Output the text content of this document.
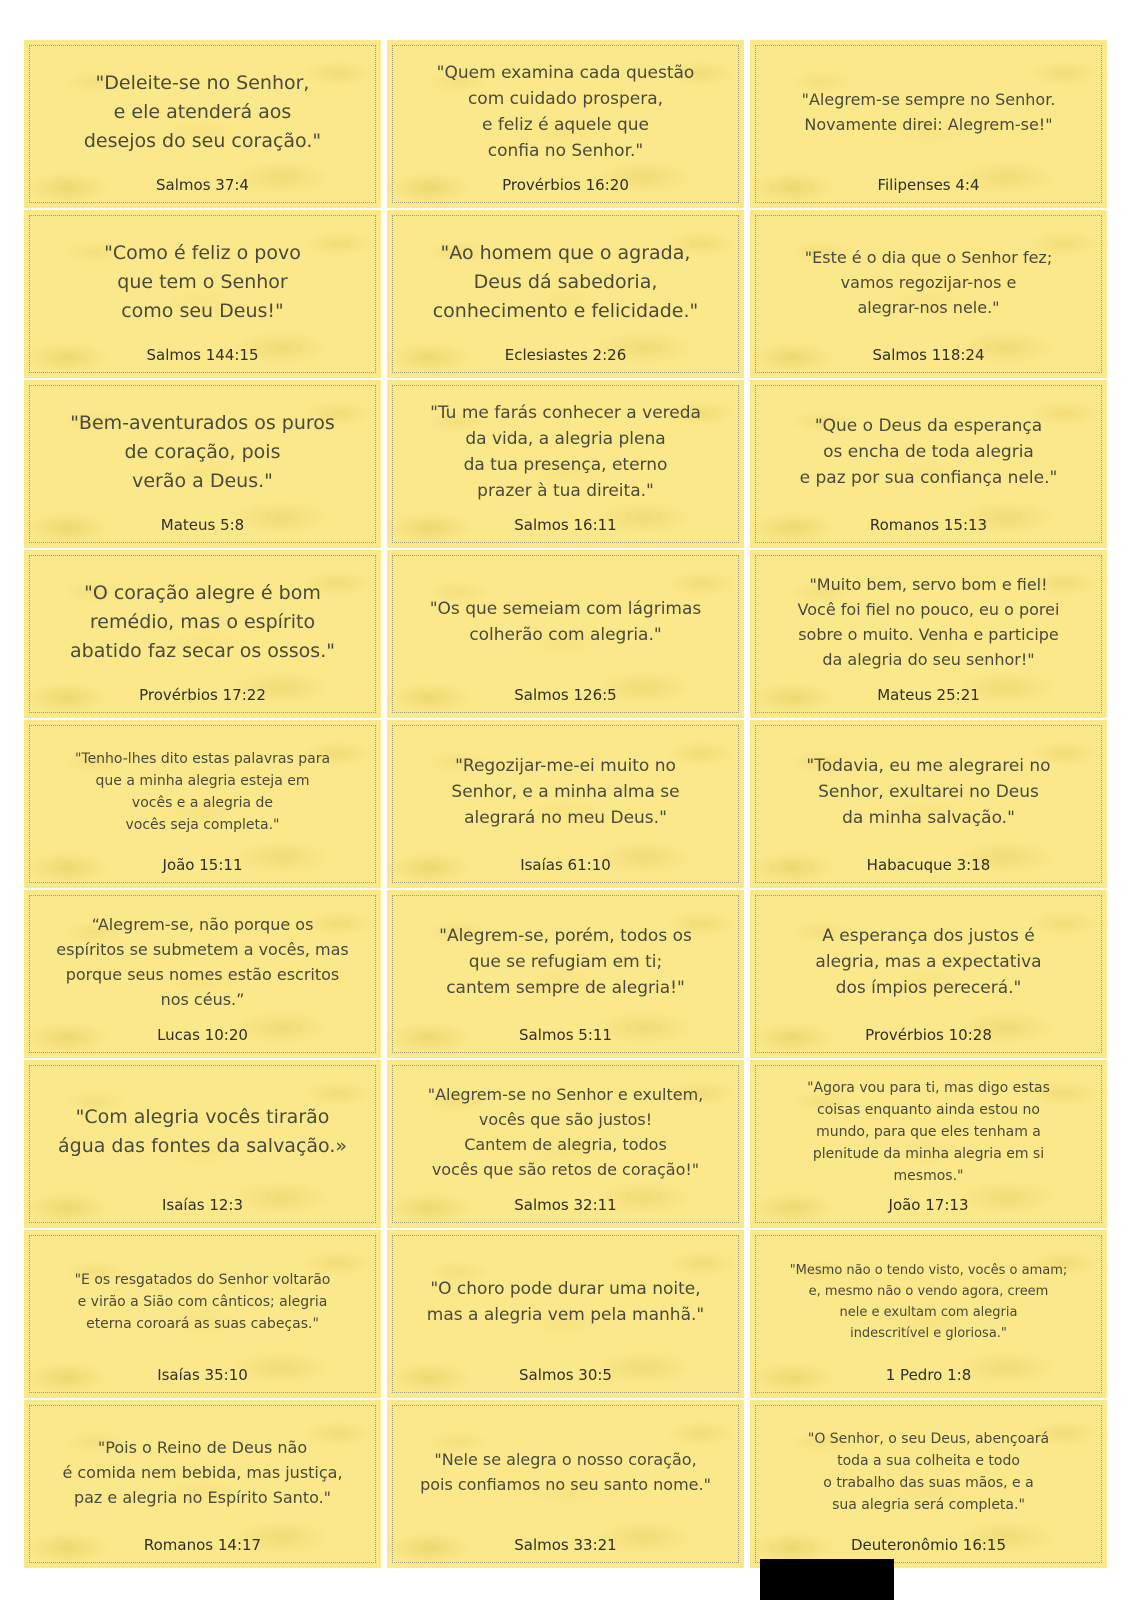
"Deleite-se no Senhor,
e ele atenderá aos
desejos do seu coração."
Salmos 37:4
"Quem examina cada questão
com cuidado prospera,
e feliz é aquele que
confia no Senhor."
Provérbios 16:20
"Alegrem-se sempre no Senhor.
Novamente direi: Alegrem-se!"
Filipenses 4:4
"Como é feliz o povo
que tem o Senhor
como seu Deus!"
Salmos 144:15
"Ao homem que o agrada,
Deus dá sabedoria,
conhecimento e felicidade."
Eclesiastes 2:26
"Este é o dia que o Senhor fez;
vamos regozijar-nos e
alegrar-nos nele."
Salmos 118:24
"Bem-aventurados os puros
de coração, pois
verão a Deus."
Mateus 5:8
"Tu me farás conhecer a vereda
da vida, a alegria plena
da tua presença, eterno
prazer à tua direita."
Salmos 16:11
"Que o Deus da esperança
os encha de toda alegria
e paz por sua confiança nele."
Romanos 15:13
"O coração alegre é bom
remédio, mas o espírito
abatido faz secar os ossos."
Provérbios 17:22
"Os que semeiam com lágrimas
colherão com alegria."
Salmos 126:5
"Muito bem, servo bom e fiel!
Você foi fiel no pouco, eu o porei
sobre o muito. Venha e participe
da alegria do seu senhor!"
Mateus 25:21
"Tenho-lhes dito estas palavras para
que a minha alegria esteja em
vocês e a alegria de
vocês seja completa."
João 15:11
"Regozijar-me-ei muito no
Senhor, e a minha alma se
alegrará no meu Deus."
Isaías 61:10
"Todavia, eu me alegrarei no
Senhor, exultarei no Deus
da minha salvação."
Habacuque 3:18
“Alegrem-se, não porque os
espíritos se submetem a vocês, mas
porque seus nomes estão escritos
nos céus.”
Lucas 10:20
"Alegrem-se, porém, todos os
que se refugiam em ti;
cantem sempre de alegria!"
Salmos 5:11
A esperança dos justos é
alegria, mas a expectativa
dos ímpios perecerá."
Provérbios 10:28
"Com alegria vocês tirarão
água das fontes da salvação.»
Isaías 12:3
"Alegrem-se no Senhor e exultem,
vocês que são justos!
Cantem de alegria, todos
vocês que são retos de coração!"
Salmos 32:11
"Agora vou para ti, mas digo estas
coisas enquanto ainda estou no
mundo, para que eles tenham a
plenitude da minha alegria em si
mesmos."
João 17:13
"E os resgatados do Senhor voltarão
e virão a Sião com cânticos; alegria
eterna coroará as suas cabeças."
Isaías 35:10
"O choro pode durar uma noite,
mas a alegria vem pela manhã."
Salmos 30:5
"Mesmo não o tendo visto, vocês o amam;
e, mesmo não o vendo agora, creem
nele e exultam com alegria
indescritível e gloriosa."
1 Pedro 1:8
"Pois o Reino de Deus não
é comida nem bebida, mas justiça,
paz e alegria no Espírito Santo."
Romanos 14:17
"Nele se alegra o nosso coração,
pois confiamos no seu santo nome."
Salmos 33:21
"O Senhor, o seu Deus, abençoará
toda a sua colheita e todo
o trabalho das suas mãos, e a
sua alegria será completa."
Deuteronômio 16:15
